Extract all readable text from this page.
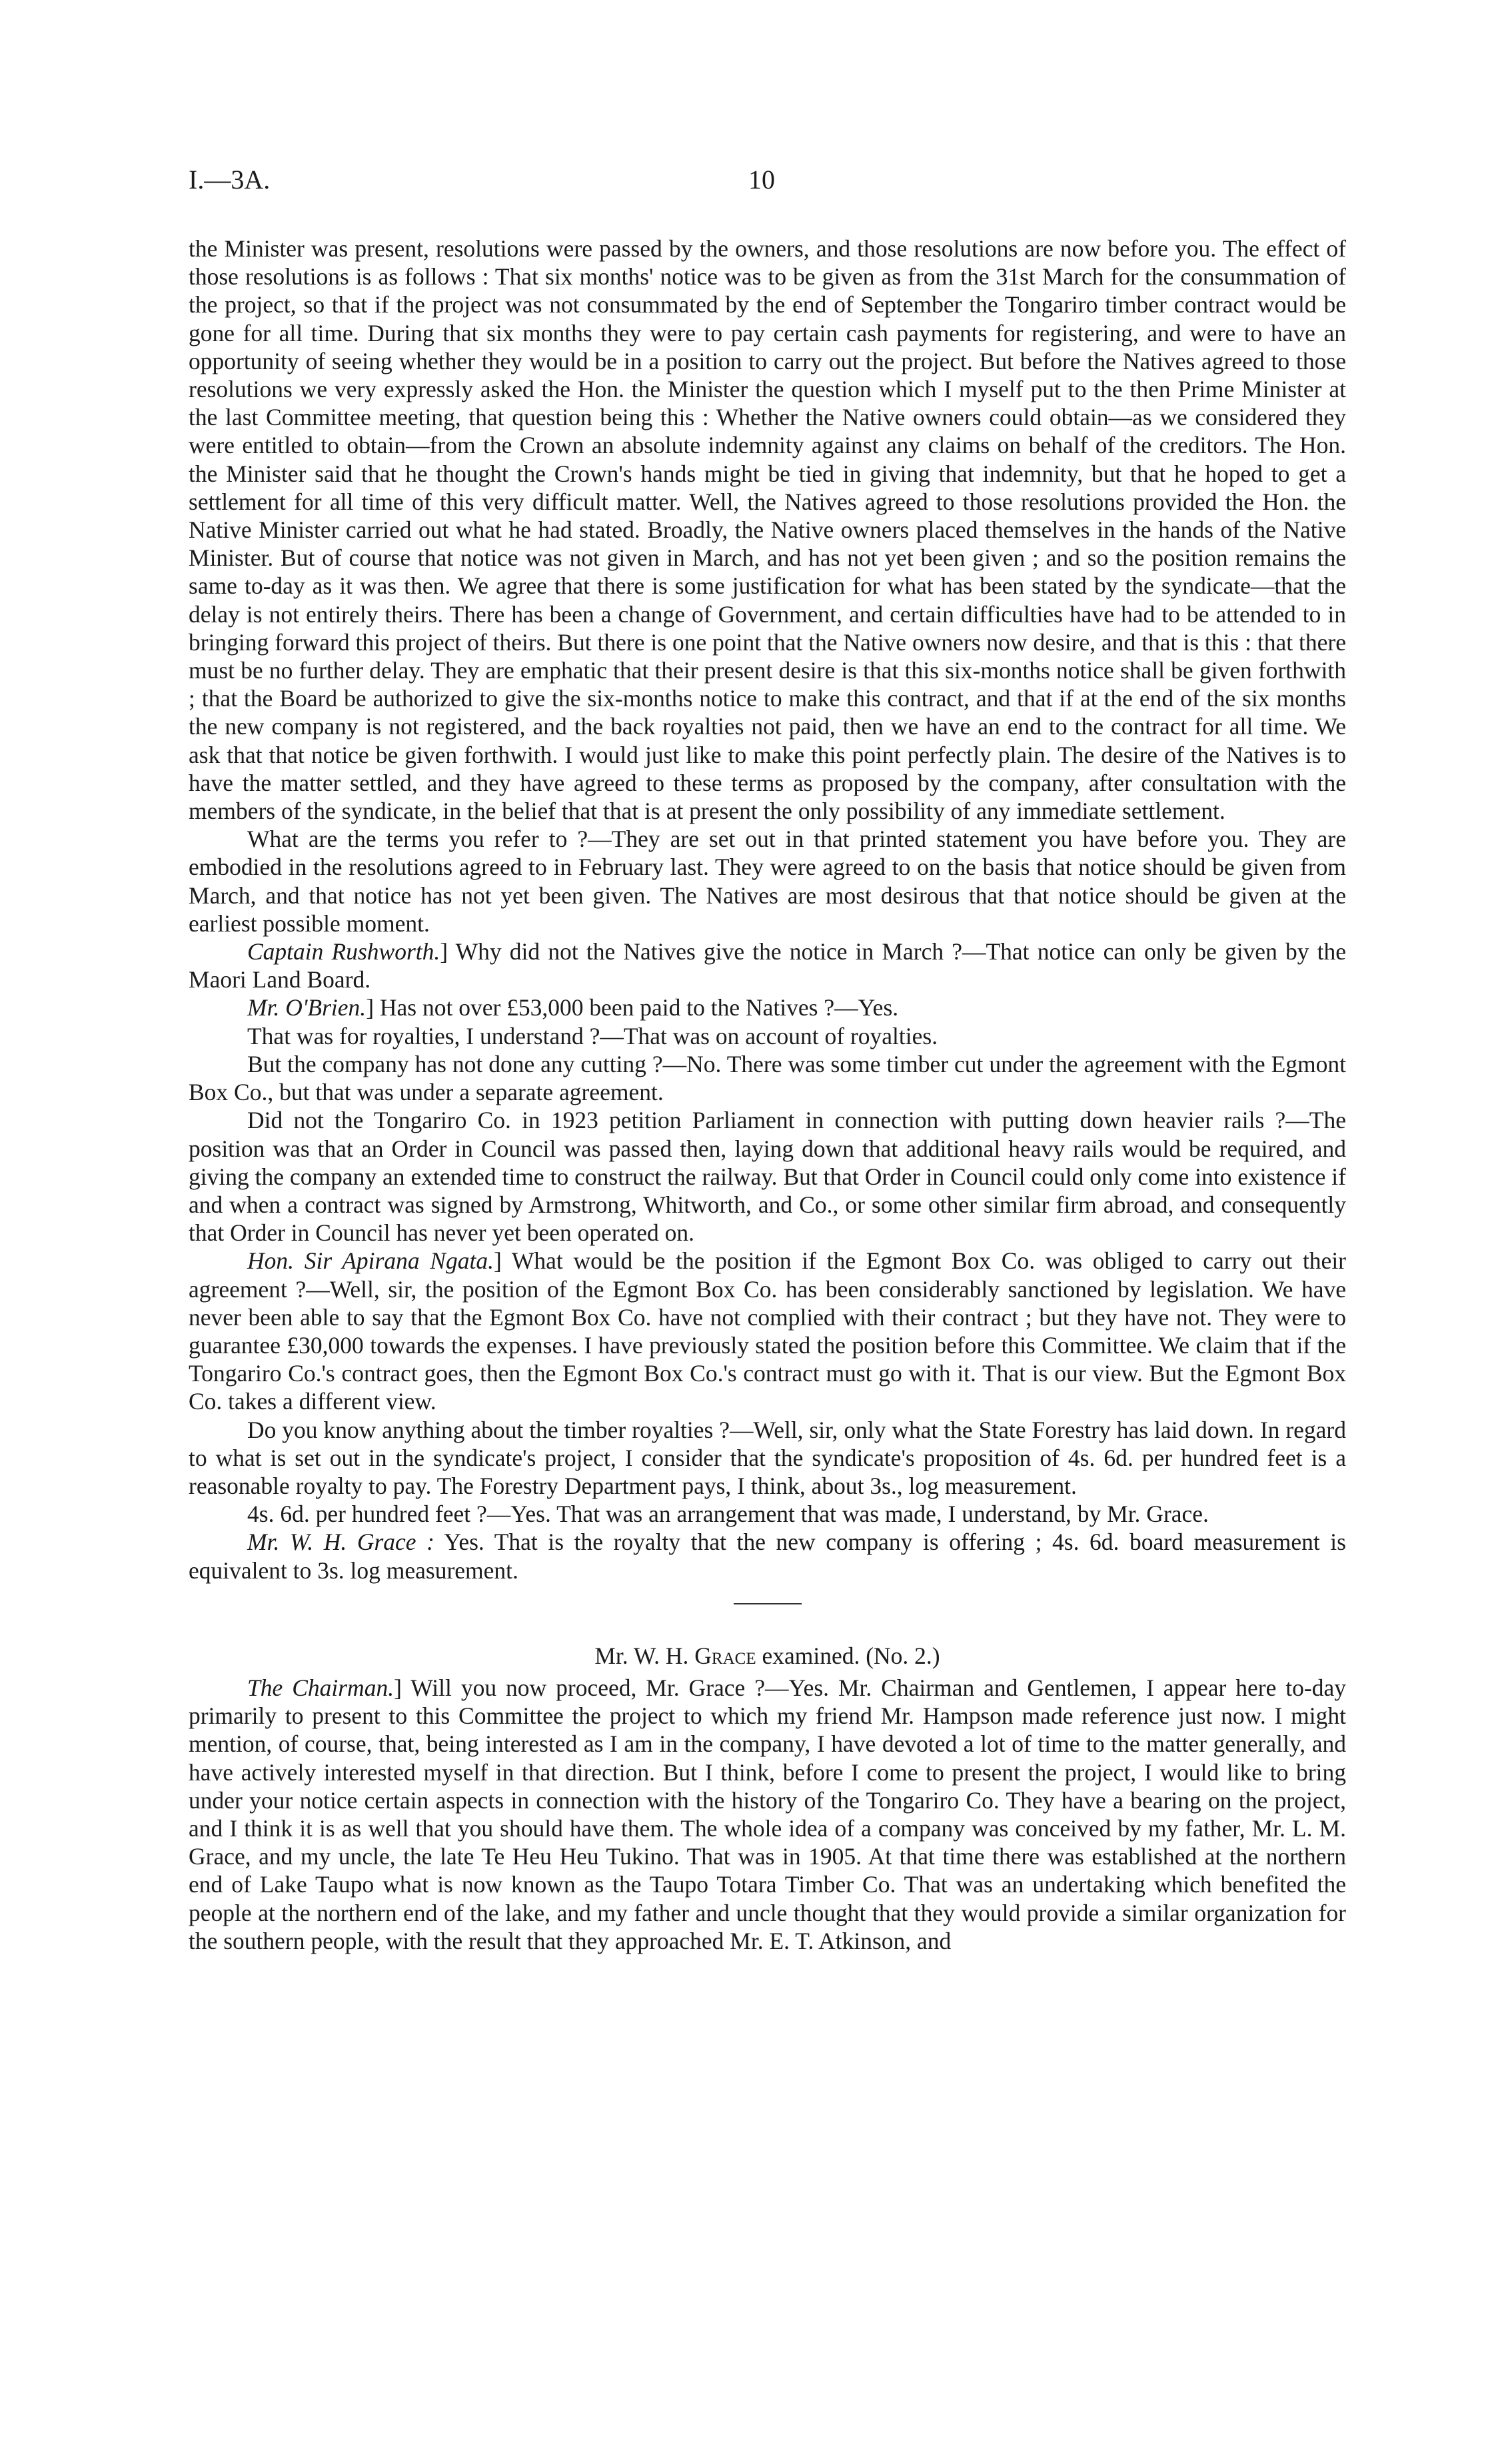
I.—3A.	10

the Minister was present, resolutions were passed by the owners, and those resolutions are now before you. The effect of those resolutions is as follows : That six months' notice was to be given as from the 31st March for the consummation of the project, so that if the project was not consummated by the end of September the Tongariro timber contract would be gone for all time. During that six months they were to pay certain cash payments for registering, and were to have an opportunity of seeing whether they would be in a position to carry out the project. But before the Natives agreed to those resolutions we very expressly asked the Hon. the Minister the question which I myself put to the then Prime Minister at the last Committee meeting, that question being this : Whether the Native owners could obtain—as we considered they were entitled to obtain—from the Crown an absolute indemnity against any claims on behalf of the creditors. The Hon. the Minister said that he thought the Crown's hands might be tied in giving that indemnity, but that he hoped to get a settlement for all time of this very difficult matter. Well, the Natives agreed to those resolutions provided the Hon. the Native Minister carried out what he had stated. Broadly, the Native owners placed themselves in the hands of the Native Minister. But of course that notice was not given in March, and has not yet been given ; and so the position remains the same to-day as it was then. We agree that there is some justification for what has been stated by the syndicate—that the delay is not entirely theirs. There has been a change of Government, and certain difficulties have had to be attended to in bringing forward this project of theirs. But there is one point that the Native owners now desire, and that is this : that there must be no further delay. They are emphatic that their present desire is that this six-months notice shall be given forthwith ; that the Board be authorized to give the six-months notice to make this contract, and that if at the end of the six months the new company is not registered, and the back royalties not paid, then we have an end to the contract for all time. We ask that that notice be given forthwith. I would just like to make this point perfectly plain. The desire of the Natives is to have the matter settled, and they have agreed to these terms as proposed by the company, after consultation with the members of the syndicate, in the belief that that is at present the only possibility of any immediate settlement.

What are the terms you refer to ?—They are set out in that printed statement you have before you. They are embodied in the resolutions agreed to in February last. They were agreed to on the basis that notice should be given from March, and that notice has not yet been given. The Natives are most desirous that that notice should be given at the earliest possible moment.

Captain Rushworth.] Why did not the Natives give the notice in March ?—That notice can only be given by the Maori Land Board.

Mr. O'Brien.] Has not over £53,000 been paid to the Natives ?—Yes.

That was for royalties, I understand ?—That was on account of royalties.

But the company has not done any cutting ?—No. There was some timber cut under the agreement with the Egmont Box Co., but that was under a separate agreement.

Did not the Tongariro Co. in 1923 petition Parliament in connection with putting down heavier rails ?—The position was that an Order in Council was passed then, laying down that additional heavy rails would be required, and giving the company an extended time to construct the railway. But that Order in Council could only come into existence if and when a contract was signed by Armstrong, Whitworth, and Co., or some other similar firm abroad, and consequently that Order in Council has never yet been operated on.

Hon. Sir Apirana Ngata.] What would be the position if the Egmont Box Co. was obliged to carry out their agreement ?—Well, sir, the position of the Egmont Box Co. has been considerably sanctioned by legislation. We have never been able to say that the Egmont Box Co. have not complied with their contract ; but they have not. They were to guarantee £30,000 towards the expenses. I have previously stated the position before this Committee. We claim that if the Tongariro Co.'s contract goes, then the Egmont Box Co.'s contract must go with it. That is our view. But the Egmont Box Co. takes a different view.

Do you know anything about the timber royalties ?—Well, sir, only what the State Forestry has laid down. In regard to what is set out in the syndicate's project, I consider that the syndicate's proposition of 4s. 6d. per hundred feet is a reasonable royalty to pay. The Forestry Department pays, I think, about 3s., log measurement.

4s. 6d. per hundred feet ?—Yes. That was an arrangement that was made, I understand, by Mr. Grace.

Mr. W. H. Grace : Yes. That is the royalty that the new company is offering ; 4s. 6d. board measurement is equivalent to 3s. log measurement.

Mr. W. H. Grace examined. (No. 2.)

The Chairman.] Will you now proceed, Mr. Grace ?—Yes. Mr. Chairman and Gentlemen, I appear here to-day primarily to present to this Committee the project to which my friend Mr. Hampson made reference just now. I might mention, of course, that, being interested as I am in the company, I have devoted a lot of time to the matter generally, and have actively interested myself in that direction. But I think, before I come to present the project, I would like to bring under your notice certain aspects in connection with the history of the Tongariro Co. They have a bearing on the project, and I think it is as well that you should have them. The whole idea of a company was conceived by my father, Mr. L. M. Grace, and my uncle, the late Te Heu Heu Tukino. That was in 1905. At that time there was established at the northern end of Lake Taupo what is now known as the Taupo Totara Timber Co. That was an undertaking which benefited the people at the northern end of the lake, and my father and uncle thought that they would provide a similar organization for the southern people, with the result that they approached Mr. E. T. Atkinson, and
